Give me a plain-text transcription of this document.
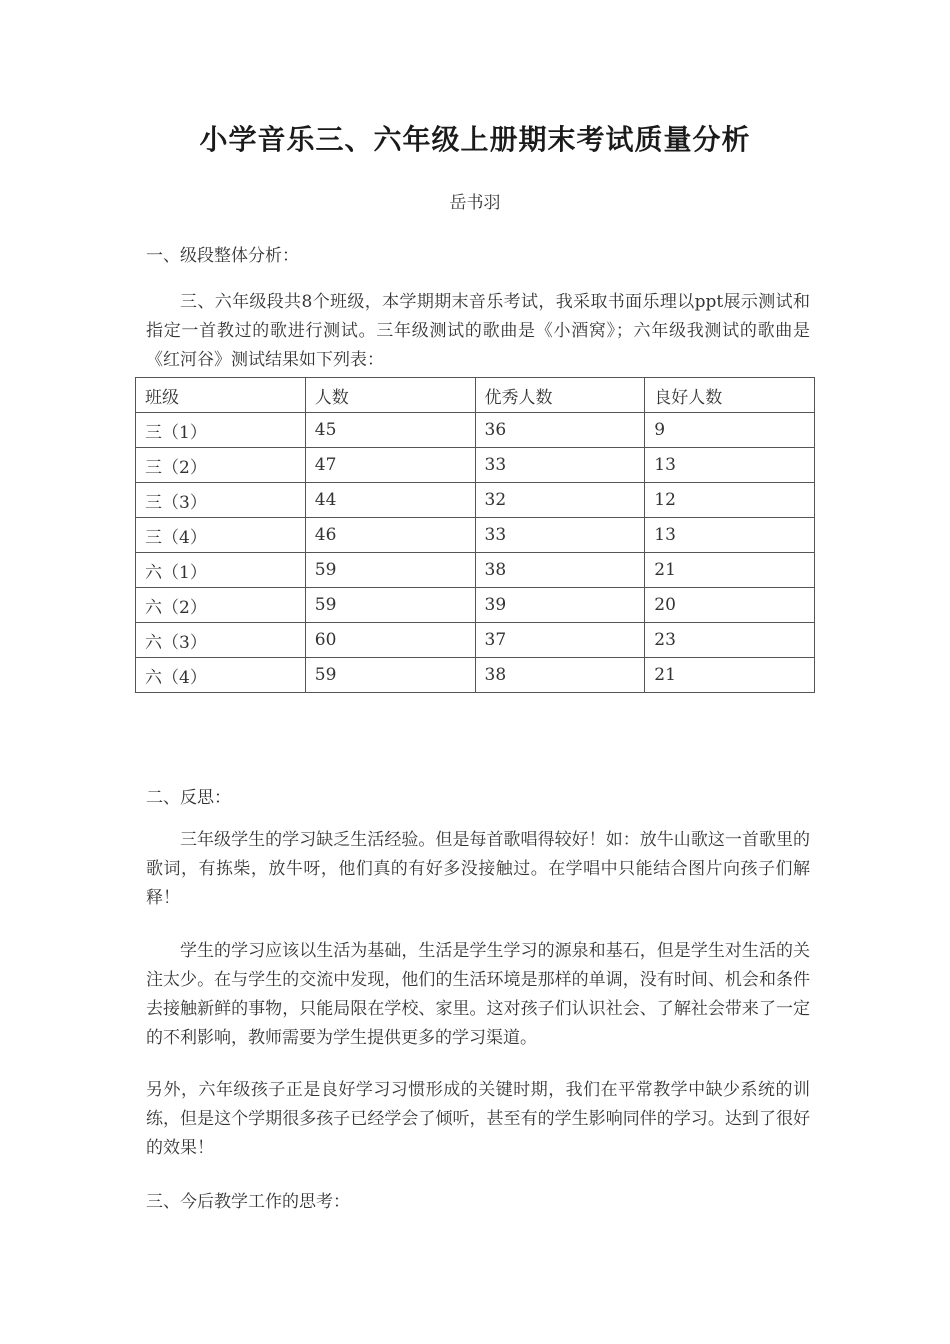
小学音乐三、六年级上册期末考试质量分析
岳书羽
一、级段整体分析：
三、六年级段共8个班级，本学期期末音乐考试，我采取书面乐理以ppt展示测试和指定一首教过的歌进行测试。三年级测试的歌曲是《小酒窝》；六年级我测试的歌曲是《红河谷》测试结果如下列表：
班级	人数	优秀人数	良好人数
三（1）	45	36	9
三（2）	47	33	13
三（3）	44	32	12
三（4）	46	33	13
六（1）	59	38	21
六（2）	59	39	20
六（3）	60	37	23
六（4）	59	38	21
二、反思：
三年级学生的学习缺乏生活经验。但是每首歌唱得较好！如：放牛山歌这一首歌里的歌词，有拣柴，放牛呀，他们真的有好多没接触过。在学唱中只能结合图片向孩子们解释！
学生的学习应该以生活为基础，生活是学生学习的源泉和基石，但是学生对生活的关注太少。在与学生的交流中发现，他们的生活环境是那样的单调，没有时间、机会和条件去接触新鲜的事物，只能局限在学校、家里。这对孩子们认识社会、了解社会带来了一定的不利影响，教师需要为学生提供更多的学习渠道。
另外，六年级孩子正是良好学习习惯形成的关键时期，我们在平常教学中缺少系统的训练，但是这个学期很多孩子已经学会了倾听，甚至有的学生影响同伴的学习。达到了很好的效果！
三、今后教学工作的思考：
